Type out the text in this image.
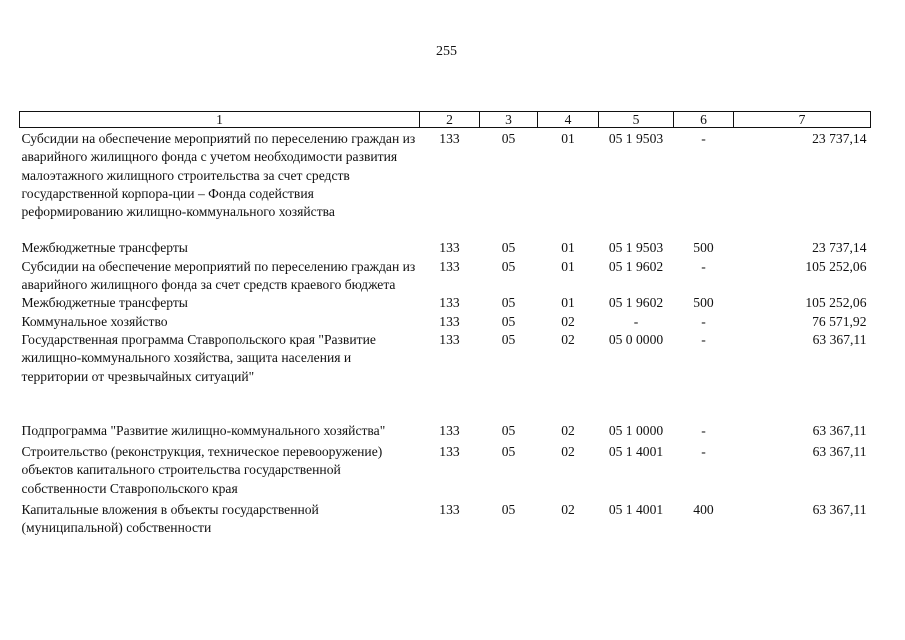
255
1	2	3	4	5	6	7
Субсидии на обеспечение мероприятий по переселению граждан из аварийного жилищного фонда с учетом необходимости развития малоэтажного жилищного строительства за счет средств государственной корпора-ции – Фонда содействия реформированию жилищно-коммунального хозяйства	133	05	01	05 1 9503	-	23 737,14
Межбюджетные трансферты	133	05	01	05 1 9503	500	23 737,14
Субсидии на обеспечение мероприятий по переселению граждан из аварийного жилищного фонда за счет средств краевого бюджета	133	05	01	05 1 9602	-	105 252,06
Межбюджетные трансферты	133	05	01	05 1 9602	500	105 252,06
Коммунальное хозяйство	133	05	02	-	-	76 571,92
Государственная программа Ставропольского края "Развитие жилищно-коммунального хозяйства, защита населения и территории от чрезвычайных ситуаций"	133	05	02	05 0 0000	-	63 367,11
Подпрограмма "Развитие жилищно-коммунального хозяйства"	133	05	02	05 1 0000	-	63 367,11
Строительство (реконструкция, техническое перевооружение) объектов капитального строительства государственной собственности Ставропольского края	133	05	02	05 1 4001	-	63 367,11
Капитальные вложения в объекты государственной (муниципальной) собственности	133	05	02	05 1 4001	400	63 367,11
